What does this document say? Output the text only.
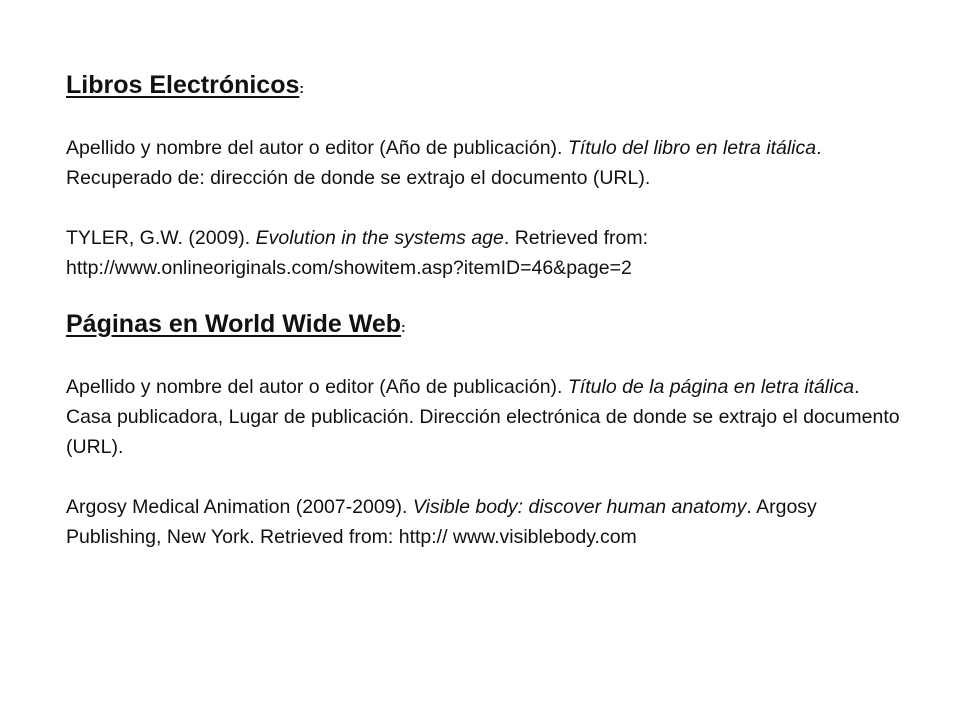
Libros Electrónicos:

Apellido y nombre del autor o editor (Año de publicación). Título del libro en letra itálica. Recuperado de: dirección de donde se extrajo el documento (URL).

TYLER, G.W. (2009). Evolution in the systems age. Retrieved from: http://www.onlineoriginals.com/showitem.asp?itemID=46&page=2

Páginas en World Wide Web:

Apellido y nombre del autor o editor (Año de publicación). Título de la página en letra itálica. Casa publicadora, Lugar de publicación. Dirección electrónica de donde se extrajo el documento (URL).

Argosy Medical Animation (2007-2009). Visible body: discover human anatomy. Argosy Publishing, New York. Retrieved from: http:// www.visiblebody.com
